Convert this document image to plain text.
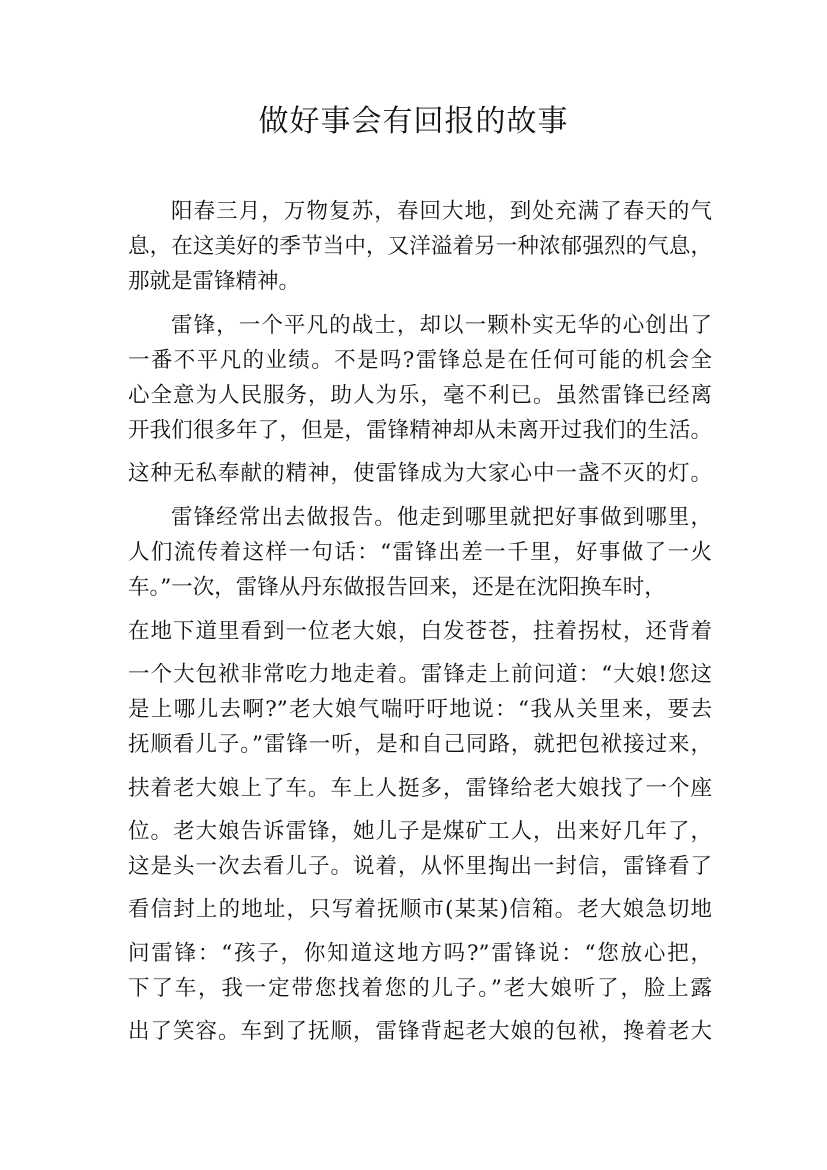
做好事会有回报的故事

阳春三月，万物复苏，春回大地，到处充满了春天的气

息，在这美好的季节当中，又洋溢着另一种浓郁强烈的气息，

那就是雷锋精神。

雷锋，一个平凡的战士，却以一颗朴实无华的心创出了

一番不平凡的业绩。不是吗?雷锋总是在任何可能的机会全

心全意为人民服务，助人为乐，毫不利已。虽然雷锋已经离

开我们很多年了，但是，雷锋精神却从未离开过我们的生活。

这种无私奉献的精神，使雷锋成为大家心中一盏不灭的灯。

雷锋经常出去做报告。他走到哪里就把好事做到哪里，

人们流传着这样一句话：“雷锋出差一千里，好事做了一火

车。”一次，雷锋从丹东做报告回来，还是在沈阳换车时，

在地下道里看到一位老大娘，白发苍苍，拄着拐杖，还背着

一个大包袱非常吃力地走着。雷锋走上前问道：“大娘!您这

是上哪儿去啊?”老大娘气喘吁吁地说：“我从关里来，要去

抚顺看儿子。”雷锋一听，是和自己同路，就把包袱接过来，

扶着老大娘上了车。车上人挺多，雷锋给老大娘找了一个座

位。老大娘告诉雷锋，她儿子是煤矿工人，出来好几年了，

这是头一次去看儿子。说着，从怀里掏出一封信，雷锋看了

看信封上的地址，只写着抚顺市(某某)信箱。老大娘急切地

问雷锋：“孩子，你知道这地方吗?”雷锋说：“您放心把，

下了车，我一定带您找着您的儿子。”老大娘听了，脸上露

出了笑容。车到了抚顺，雷锋背起老大娘的包袱，搀着老大
